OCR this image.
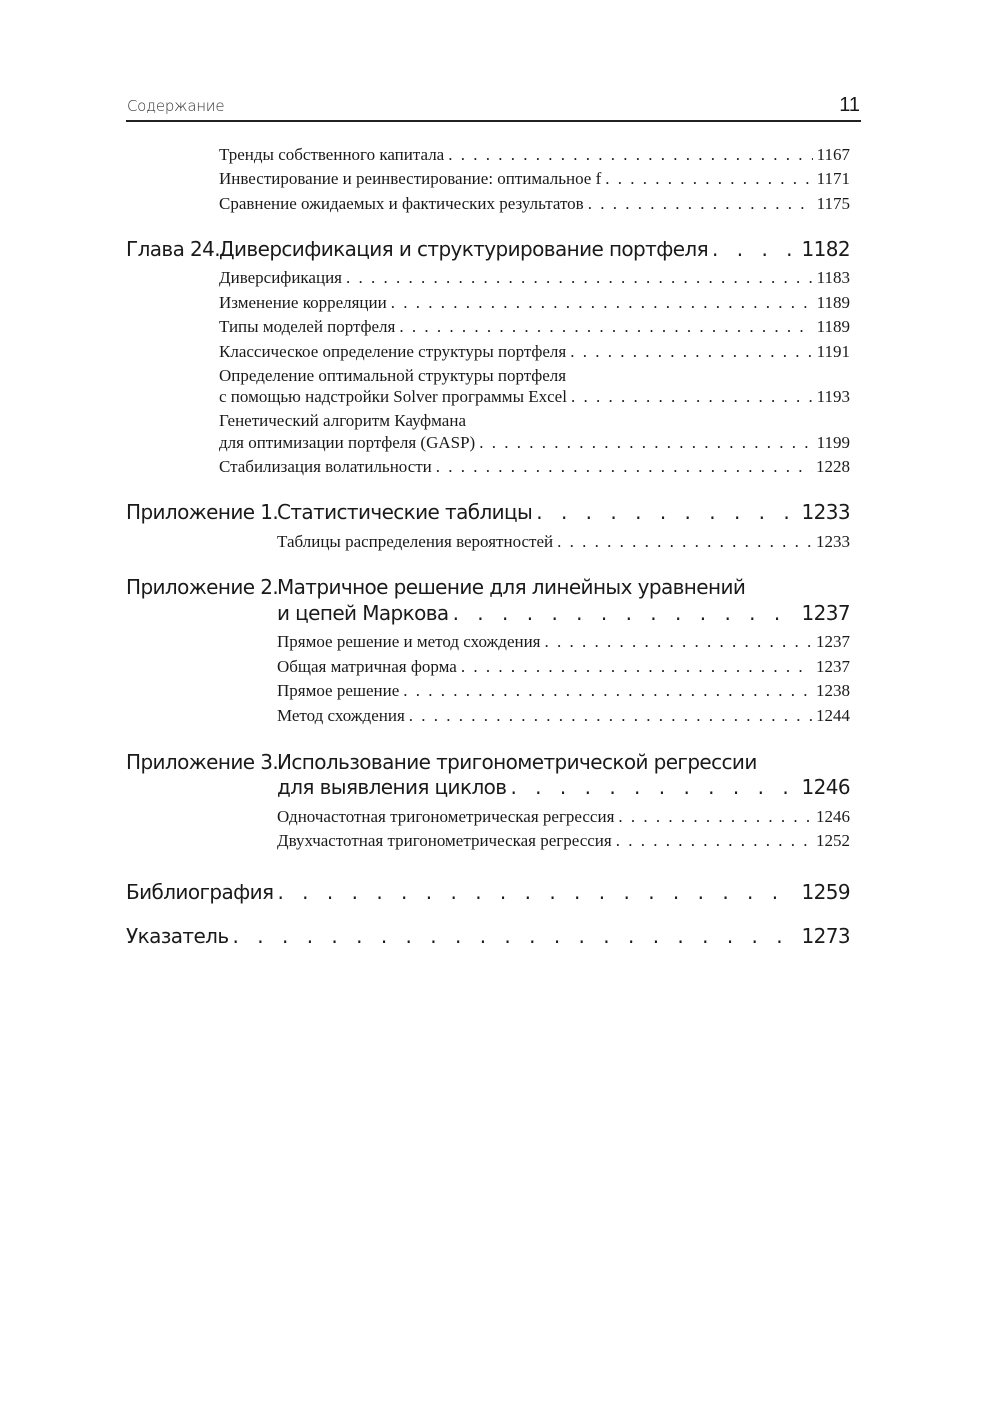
Содержание	11
Тренды собственного капитала . . .	1167
Инвестирование и реинвестирование: оптимальное f . . .	1171
Сравнение ожидаемых и фактических результатов . . .	1175
Глава 24.
Диверсификация и структурирование портфеля . . .	1182
Диверсификация . . .	1183
Изменение корреляции . . .	1189
Типы моделей портфеля . . .	1189
Классическое определение структуры портфеля . . .	1191
Определение оптимальной структуры портфеля
с помощью надстройки Solver программы Excel . . .	1193
Генетический алгоритм Кауфмана
для оптимизации портфеля (GASP) . . .	1199
Стабилизация волатильности . . .	1228
Приложение 1.
Статистические таблицы . . .	1233
Таблицы распределения вероятностей . . .	1233
Приложение 2.
Матричное решение для линейных уравнений
и цепей Маркова . . .	1237
Прямое решение и метод схождения . . .	1237
Общая матричная форма . . .	1237
Прямое решение . . .	1238
Метод схождения . . .	1244
Приложение 3.
Использование тригонометрической регрессии
для выявления циклов . . .	1246
Одночастотная тригонометрическая регрессия . . .	1246
Двухчастотная тригонометрическая регрессия . . .	1252
Библиография . . .	1259
Указатель . . .	1273
